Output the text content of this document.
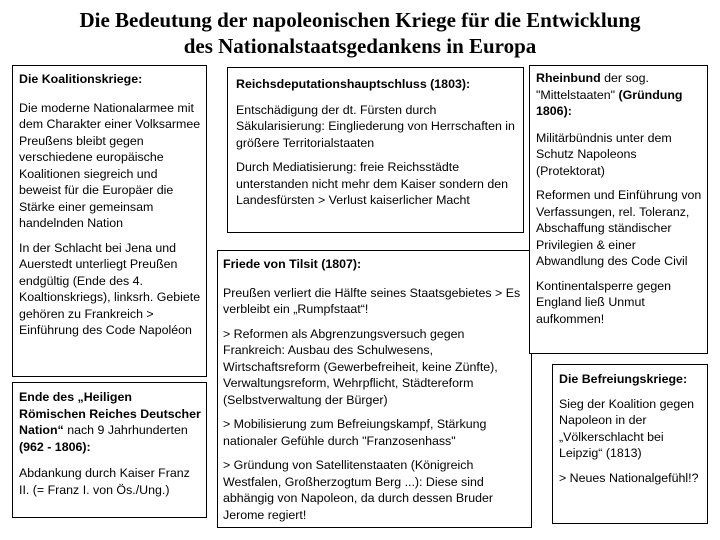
Die Bedeutung der napoleonischen Kriege für die Entwicklung
des Nationalstaatsgedankens in Europa

Die Koalitionskriege:

Die moderne Nationalarmee mit dem Charakter einer Volksarmee Preußens bleibt gegen verschiedene europäische Koalitionen siegreich und beweist für die Europäer die Stärke einer gemeinsam handelnden Nation

In der Schlacht bei Jena und Auerstedt unterliegt Preußen endgültig (Ende des 4. Koaltionskriegs), linksrh. Gebiete gehören zu Frankreich > Einführung des Code Napoléon

Ende des „Heiligen Römischen Reiches Deutscher Nation“ nach 9 Jahrhunderten (962 - 1806):

Abdankung durch Kaiser Franz II. (= Franz I. von Ös./Ung.)

Reichsdeputationshauptschluss (1803):

Entschädigung der dt. Fürsten durch Säkularisierung: Eingliederung von Herrschaften in größere Territorialstaaten

Durch Mediatisierung: freie Reichsstädte unterstanden nicht mehr dem Kaiser sondern den Landesfürsten > Verlust kaiserlicher Macht

Friede von Tilsit (1807):

Preußen verliert die Hälfte seines Staatsgebietes > Es verbleibt ein „Rumpfstaat“!

> Reformen als Abgrenzungsversuch gegen Frankreich: Ausbau des Schulwesens, Wirtschaftsreform (Gewerbefreiheit, keine Zünfte), Verwaltungsreform, Wehrpflicht, Städtereform (Selbstverwaltung der Bürger)

> Mobilisierung zum Befreiungskampf, Stärkung nationaler Gefühle durch "Franzosenhass"

> Gründung von Satellitenstaaten (Königreich Westfalen, Großherzogtum Berg ...): Diese sind abhängig von Napoleon, da durch dessen Bruder Jerome regiert!

Rheinbund der sog. "Mittelstaaten" (Gründung 1806):

Militärbündnis unter dem Schutz Napoleons (Protektorat)

Reformen und Einführung von Verfassungen, rel. Toleranz, Abschaffung ständischer Privilegien & einer Abwandlung des Code Civil

Kontinentalsperre gegen England ließ Unmut aufkommen!

Die Befreiungskriege:

Sieg der Koalition gegen Napoleon in der „Völkerschlacht bei Leipzig“ (1813)

> Neues Nationalgefühl!?
